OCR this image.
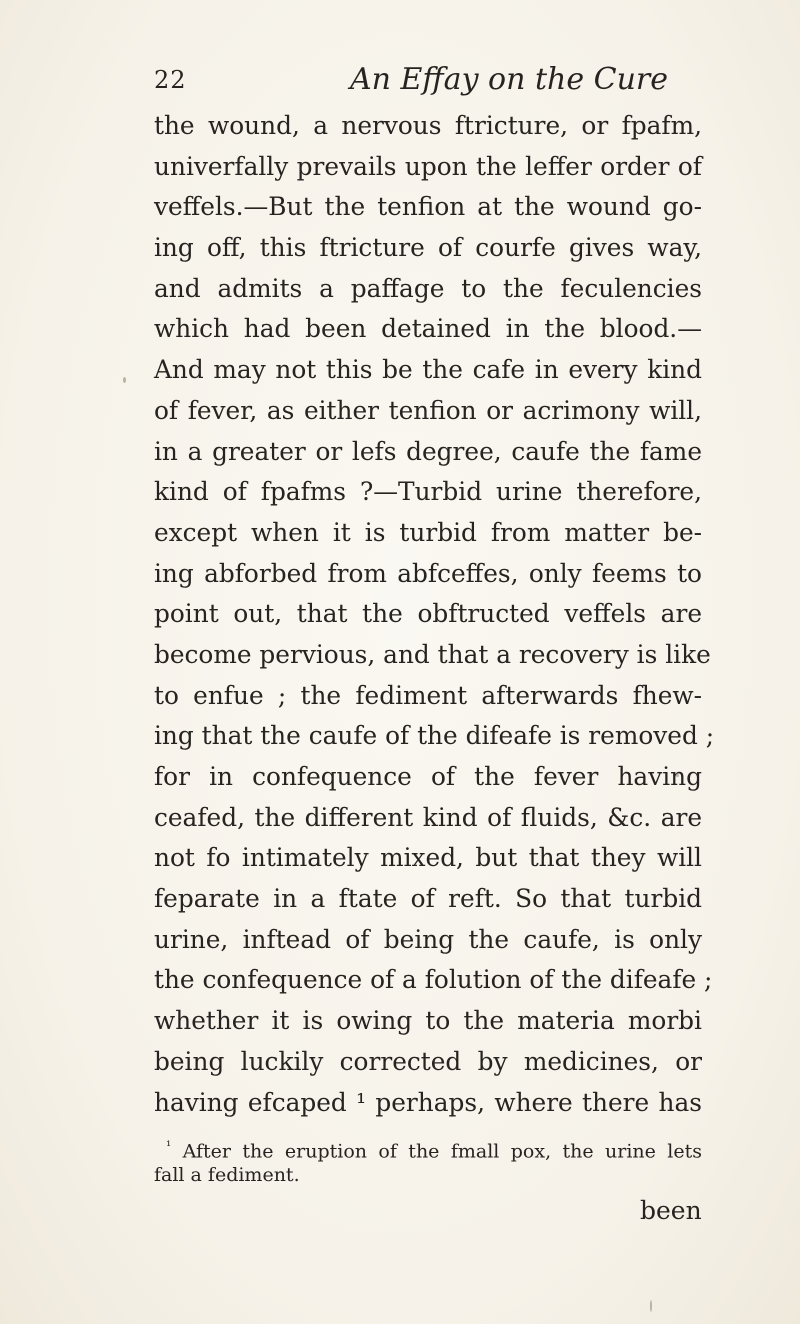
22	An Effay on the Cure
the wound, a nervous ftricture, or fpafm,
univerfally prevails upon the leffer order of
veffels.—But the tenfion at the wound go-
ing off, this ftricture of courfe gives way,
and admits a paffage to the feculencies
which had been detained in the blood.—
And may not this be the cafe in every kind
of fever, as either tenfion or acrimony will,
in a greater or lefs degree, caufe the fame
kind of fpafms ?—Turbid urine therefore,
except when it is turbid from matter be-
ing abforbed from abfceffes, only feems to
point out, that the obftructed veffels are
become pervious, and that a recovery is like
to enfue ; the fediment afterwards fhew-
ing that the caufe of the difeafe is removed ;
for in confequence of the fever having
ceafed, the different kind of fluids, &c. are
not fo intimately mixed, but that they will
feparate in a ftate of reft. So that turbid
urine, inftead of being the caufe, is only
the confequence of a folution of the difeafe ;
whether it is owing to the materia morbi
being luckily corrected by medicines, or
having efcaped ¹ perhaps, where there has
$^{^1}$ After the eruption of the fmall pox, the urine lets
fall a fediment.
been
